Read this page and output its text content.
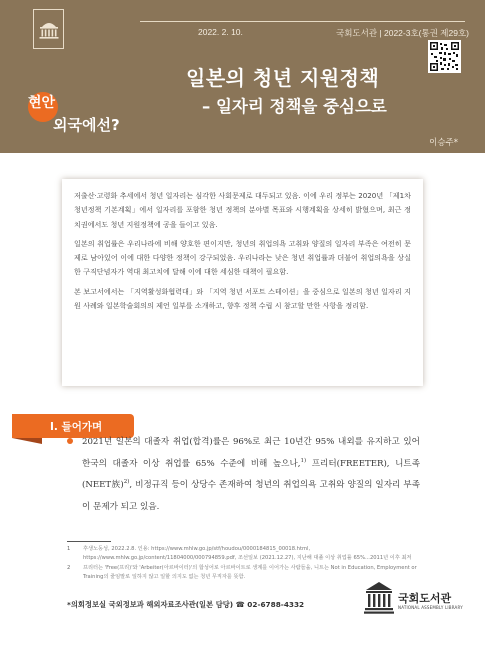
2022. 2. 10.	국회도서관 | 2022-3호(통권 제29호)
일본의 청년 지원정책
– 일자리 정책을 중심으로
현안
외국에선?
이승주*

저출산·고령화 추세에서 청년 일자리는 심각한 사회문제로 대두되고 있음. 이에 우리 정부는 2020년 「제1차 청년정책 기본계획」에서 일자리를 포함한 청년 정책의 분야별 목표와 시행계획을 상세히 밝혔으며, 최근 정치권에서도 청년 지원정책에 공을 들이고 있음.

일본의 취업률은 우리나라에 비해 양호한 편이지만, 청년의 취업의욕 고취와 양질의 일자리 부족은 여전히 문제로 남아있어 이에 대한 다양한 정책이 강구되었음. 우리나라는 낮은 청년 취업률과 더불어 취업의욕을 상실한 구직단념자가 역대 최고치에 달해 이에 대한 세심한 대책이 필요함.

본 보고서에서는 「지역활성화협력대」와 「지역 청년 서포트 스테이션」을 중심으로 일본의 청년 일자리 지원 사례와 일본학술회의의 제언 일부를 소개하고, 향후 정책 수립 시 참고할 만한 사항을 정리함.

Ⅰ. 들어가며
2021년 일본의 대졸자 취업(합격)률은 96%로 최근 10년간 95% 내외를 유지하고 있어 한국의 대졸자 이상 취업률 65% 수준에 비해 높으나,$^{1)}$ 프리터(FREETER), 니트족(NEET族)$^{2)}$, 비정규직 등이 상당수 존재하여 청년의 취업의욕 고취와 양질의 일자리 부족이 문제가 되고 있음.
1	후생노동성, 2022.2.8. 인용: https://www.mhlw.go.jp/stf/houdou/0000184815_00018.html, https://www.mhlw.go.jp/content/11804000/000794859.pdf, 조선일보 (2021.12.27), 지난해 대졸 이상 취업률 65%...2011년 이후 최저
2	프리터는 'Free(프리)'와 'Arbeiter(아르바이터)'의 합성어로 아르바이트로 생계를 이어가는 사람들을, 니트는 Not in Education, Employment or Training의 줄임말로 일하지 않고 일할 의지도 없는 청년 무직자를 뜻함.
*의회정보실 국외정보과 해외자료조사관(일본 담당) ☎ 02-6788-4332	국회도서관
NATIONAL ASSEMBLY LIBRARY
